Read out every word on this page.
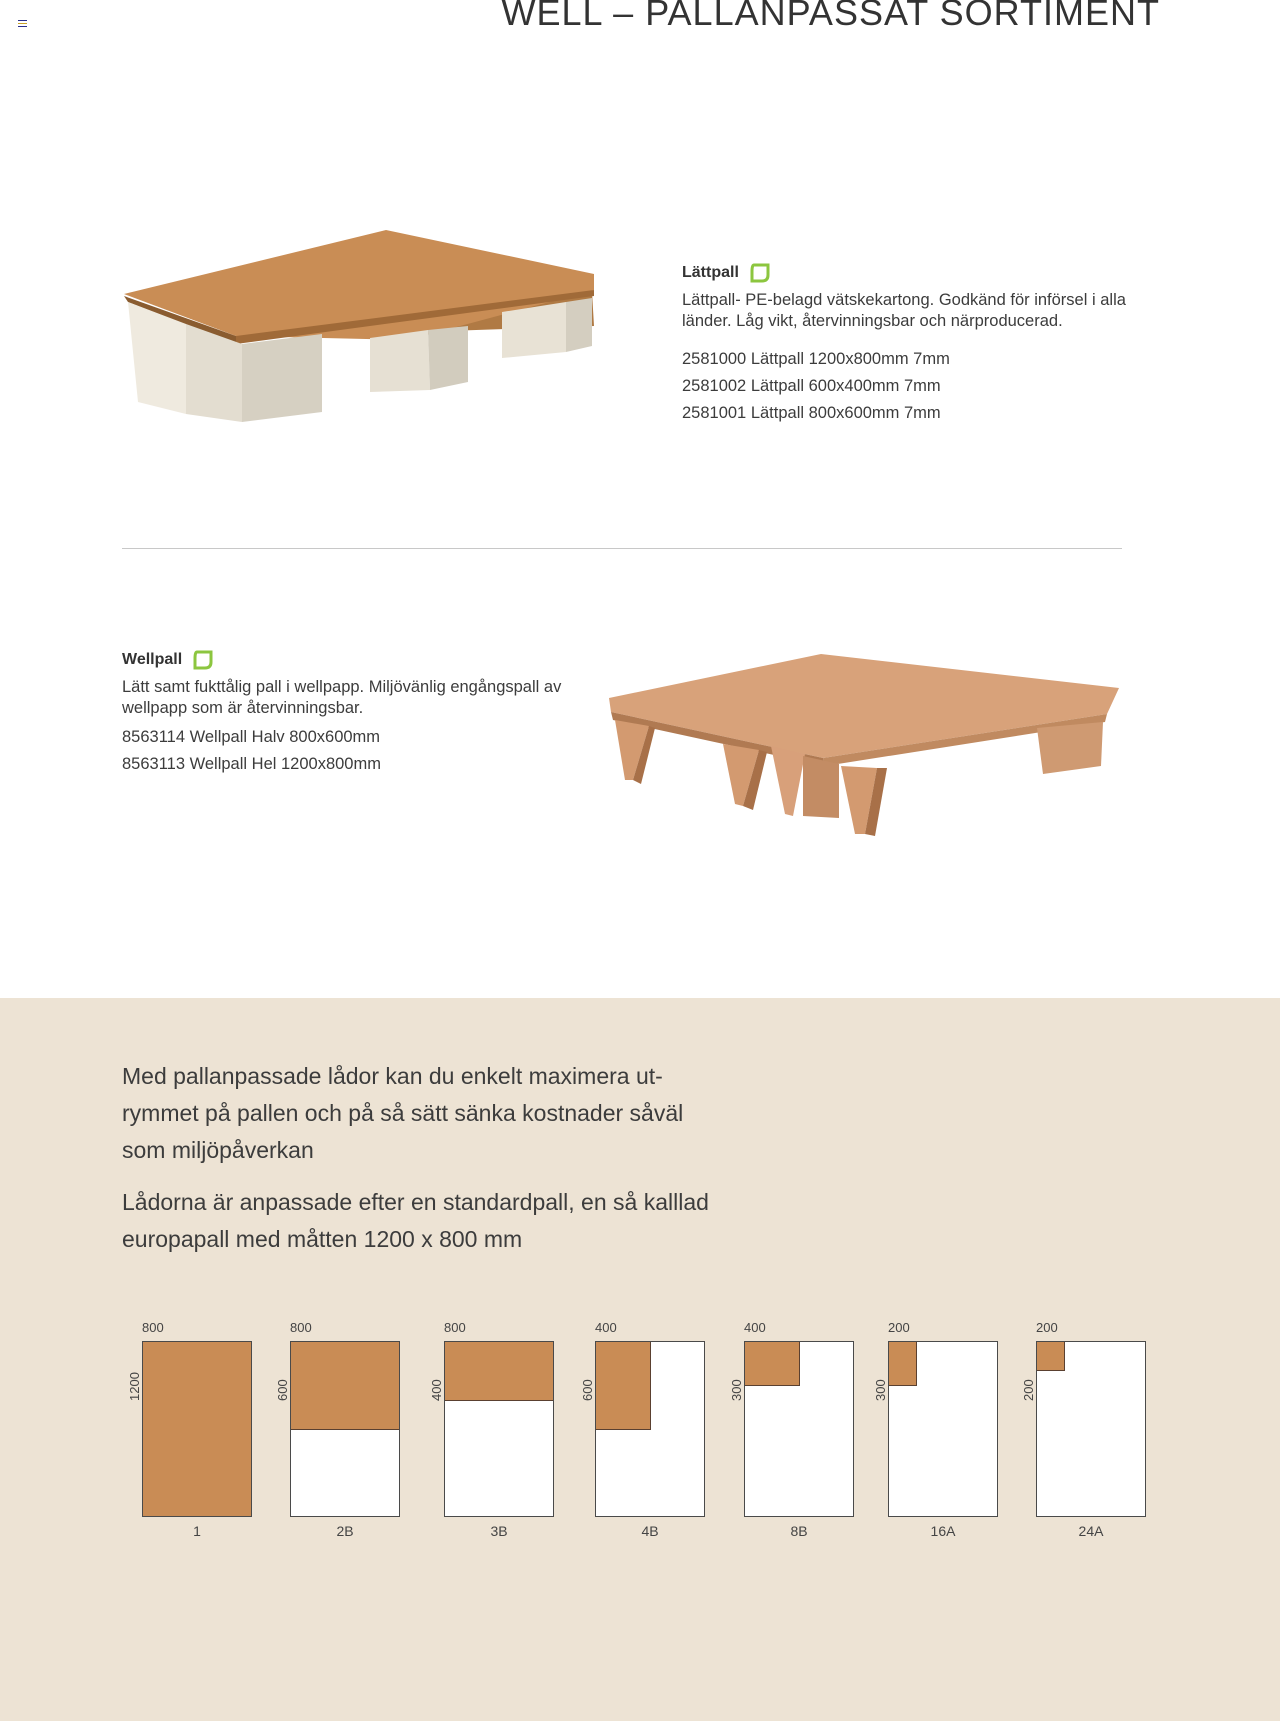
WELL – PALLANPASSAT SORTIMENT
Lättpall

Lättpall- PE-belagd vätskekartong. Godkänd för införsel i alla länder. Låg vikt, återvinningsbar och närproducerad.

2581000 Lättpall 1200x800mm 7mm
2581002 Lättpall 600x400mm 7mm
2581001 Lättpall 800x600mm 7mm
Wellpall

Lätt samt fukttålig pall i wellpapp. Miljövänlig engångspall av wellpapp som är återvinningsbar.

8563114 Wellpall Halv 800x600mm
8563113 Wellpall Hel 1200x800mm

Med pallanpassade lådor kan du enkelt maximera utrymmet på pallen och på så sätt sänka kostnader såväl som miljöpåverkan

Lådorna är anpassade efter en standardpall, en så kalllad europapall med måtten 1200 x 800 mm

800
1200
1
800
600
2B
800
400
3B
400
600
4B
400
300
8B
200
300
16A
200
200
24A
